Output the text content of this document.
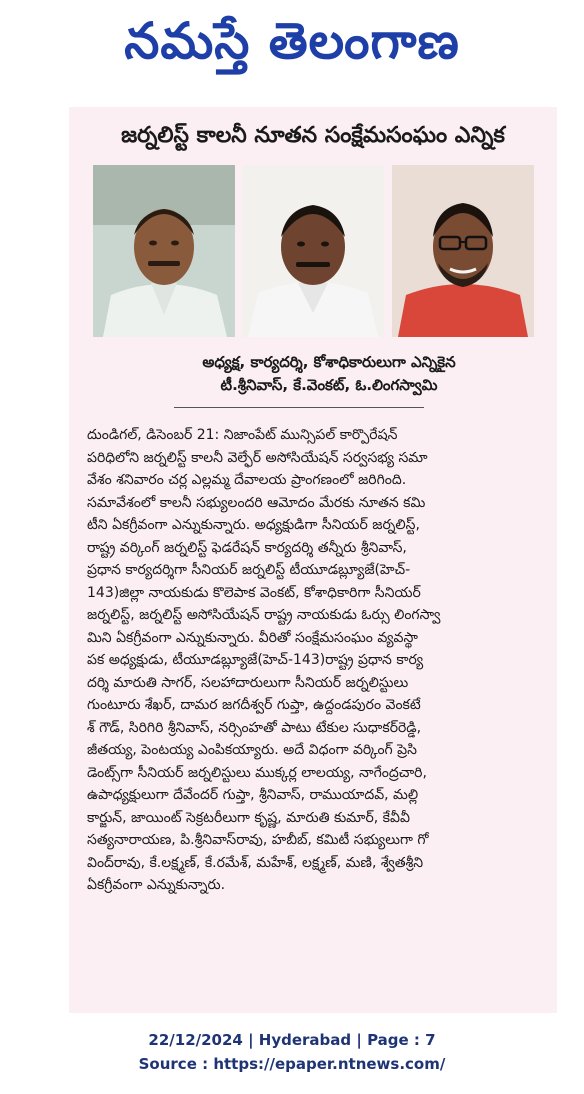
నమస్తే తెలంగాణ
జర్నలిస్ట్ కాలనీ నూతన సంక్షేమసంఘం ఎన్నిక
అధ్యక్ష, కార్యదర్శి, కోశాధికారులుగా ఎన్నికైన
టీ.శ్రీనివాస్, కే.వెంకట్, ఓ.లింగస్వామి
దుండిగల్, డిసెంబర్ 21: నిజాంపేట్ మున్సిపల్ కార్పొరేషన్
పరిధిలోని జర్నలిస్ట్ కాలనీ వెల్ఫేర్ అసోసియేషన్ సర్వసభ్య సమా
వేశం శనివారం చర్ల ఎల్లమ్మ దేవాలయ ప్రాంగణంలో జరిగింది.
సమావేశంలో కాలనీ సభ్యులందరి ఆమోదం మేరకు నూతన కమి
టీని ఏకగ్రీవంగా ఎన్నుకున్నారు. అధ్యక్షుడిగా సీనియర్ జర్నలిస్ట్,
రాష్ట్ర వర్కింగ్ జర్నలిస్ట్ ఫెడరేషన్ కార్యదర్శి తన్నీరు శ్రీనివాస్,
ప్రధాన కార్యదర్శిగా సీనియర్ జర్నలిస్ట్ టీయూడబ్ల్యూజే(హెచ్-
143)జిల్లా నాయకుడు కొలెపాక వెంకట్, కోశాధికారిగా సీనియర్
జర్నలిస్ట్, జర్నలిస్ట్ అసోసియేషన్ రాష్ట్ర నాయకుడు ఓర్సు లింగస్వా
మిని ఏకగ్రీవంగా ఎన్నుకున్నారు. వీరితో సంక్షేమసంఘం వ్యవస్థా
పక అధ్యక్షుడు, టీయూడబ్ల్యూజే(హెచ్-143)రాష్ట్ర ప్రధాన కార్య
దర్శి మారుతి సాగర్, సలహాదారులుగా సీనియర్ జర్నలిస్టులు
గుంటూరు శేఖర్, దామర జగదీశ్వర్ గుప్తా, ఉద్దండపురం వెంకటే
శ్ గౌడ్, సిరిగిరి శ్రీనివాస్, నర్సింహతో పాటు టేకుల సుధాకర్‌రెడ్డి,
జీతయ్య, పెంటయ్య ఎంపికయ్యారు. అదే విధంగా వర్కింగ్ ప్రెసి
డెంట్స్‌గా సీనియర్ జర్నలిస్టులు ముక్కర్ల లాలయ్య, నాగేంద్రచారి,
ఉపాధ్యక్షులుగా దేవేందర్ గుప్తా, శ్రీనివాస్, రాముయాదవ్, మల్లి
కార్జున్, జాయింట్ సెక్రటరీలుగా కృష్ణ, మారుతి కుమార్, కేవీవీ
సత్యనారాయణ, పి.శ్రీనివాస్‌రావు, హబీబ్, కమిటీ సభ్యులుగా గో
వింద్‌రావు, కే.లక్ష్మణ్, కే.రమేశ్, మహేశ్, లక్ష్మణ్, మణి, శ్వేతశ్రీని
ఏకగ్రీవంగా ఎన్నుకున్నారు.
22/12/2024 | Hyderabad | Page : 7
Source : https://epaper.ntnews.com/
